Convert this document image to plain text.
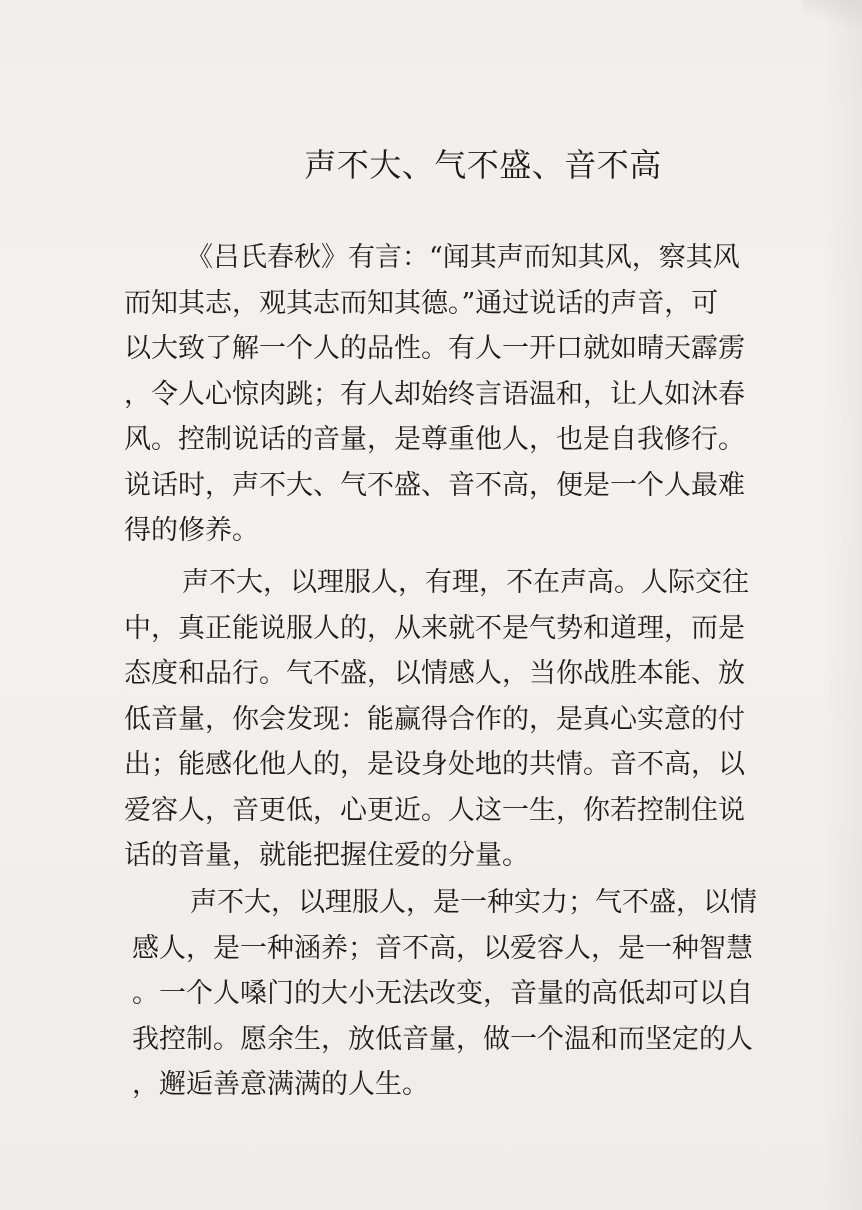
声不大、气不盛、音不高
《吕氏春秋》有言：“闻其声而知其风，察其风
而知其志，观其志而知其德。”通过说话的声音，可
以大致了解一个人的品性。有人一开口就如晴天霹雳
，令人心惊肉跳；有人却始终言语温和，让人如沐春
风。控制说话的音量，是尊重他人，也是自我修行。
说话时，声不大、气不盛、音不高，便是一个人最难
得的修养。
声不大，以理服人，有理，不在声高。人际交往
中，真正能说服人的，从来就不是气势和道理，而是
态度和品行。气不盛，以情感人，当你战胜本能、放
低音量，你会发现：能赢得合作的，是真心实意的付
出；能感化他人的，是设身处地的共情。音不高，以
爱容人，音更低，心更近。人这一生，你若控制住说
话的音量，就能把握住爱的分量。
声不大，以理服人，是一种实力；气不盛，以情
感人，是一种涵养；音不高，以爱容人，是一种智慧
。一个人嗓门的大小无法改变，音量的高低却可以自
我控制。愿余生，放低音量，做一个温和而坚定的人
，邂逅善意满满的人生。
